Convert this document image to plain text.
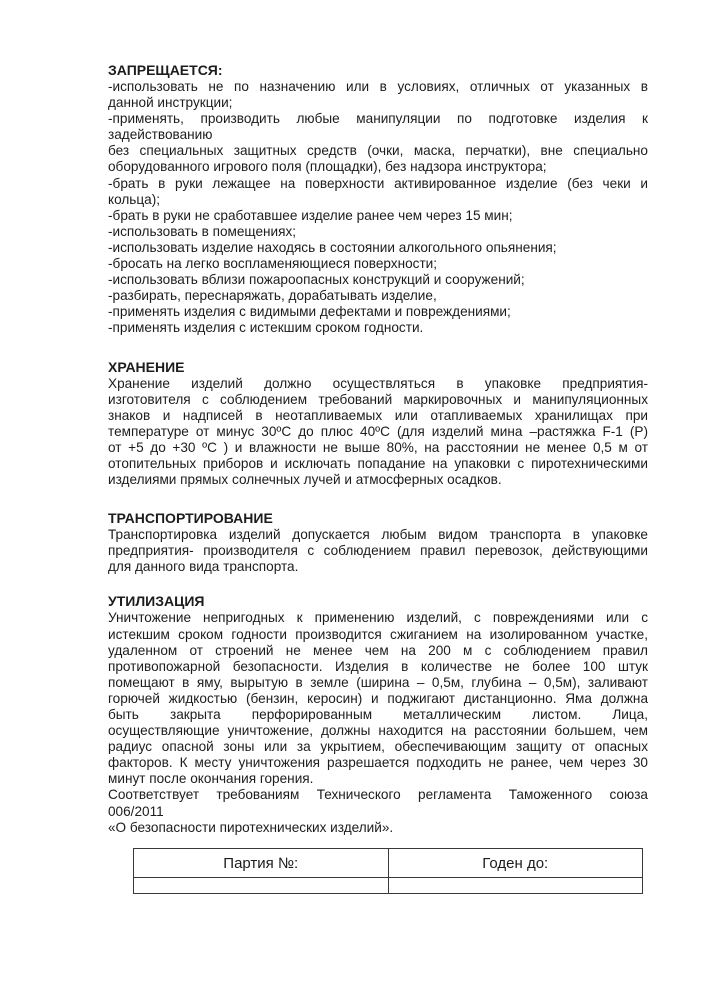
ЗАПРЕЩАЕТСЯ:

-использовать не по назначению или в условиях, отличных от указанных в

данной инструкции;

-применять, производить любые манипуляции по подготовке изделия к

задействованию

без специальных защитных средств (очки, маска, перчатки), вне специально

оборудованного игрового поля (площадки), без надзора инструктора;

-брать в руки лежащее на поверхности активированное изделие (без чеки и

кольца);

-брать в руки не сработавшее изделие ранее чем через 15 мин;

-использовать в помещениях;

-использовать изделие находясь в состоянии алкогольного опьянения;

-бросать на легко воспламеняющиеся поверхности;

-использовать вблизи пожароопасных конструкций и сооружений;

-разбирать, переснаряжать, дорабатывать изделие,

-применять изделия с видимыми дефектами и повреждениями;

-применять изделия с истекшим сроком годности.

ХРАНЕНИЕ

Хранение изделий должно осуществляться в упаковке предприятия-

изготовителя с соблюдением требований маркировочных и манипуляционных

знаков и надписей в неотапливаемых или отапливаемых хранилищах при

температуре от минус 30ºС до плюс 40ºС (для изделий мина –растяжка F-1 (Р)

от +5 до +30 ºС ) и влажности не выше 80%, на расстоянии не менее 0,5 м от

отопительных приборов и исключать попадание на упаковки с пиротехническими

изделиями прямых солнечных лучей и атмосферных осадков.

ТРАНСПОРТИРОВАНИЕ

Транспортировка изделий допускается любым видом транспорта в упаковке

предприятия- производителя с соблюдением правил перевозок, действующими

для данного вида транспорта.

УТИЛИЗАЦИЯ

Уничтожение непригодных к применению изделий, с повреждениями или с

истекшим сроком годности производится сжиганием на изолированном участке,

удаленном от строений не менее чем на 200 м с соблюдением правил

противопожарной безопасности. Изделия в количестве не более 100 штук

помещают в яму, вырытую в земле (ширина – 0,5м, глубина – 0,5м), заливают

горючей жидкостью (бензин, керосин) и поджигают дистанционно. Яма должна

быть закрыта перфорированным металлическим листом. Лица,

осуществляющие уничтожение, должны находится на расстоянии большем, чем

радиус опасной зоны или за укрытием, обеспечивающим защиту от опасных

факторов. К месту уничтожения разрешается подходить не ранее, чем через 30

минут после окончания горения.

Соответствует требованиям Технического регламента Таможенного союза

006/2011

«О безопасности пиротехнических изделий».

Партия №:	Годен до:
